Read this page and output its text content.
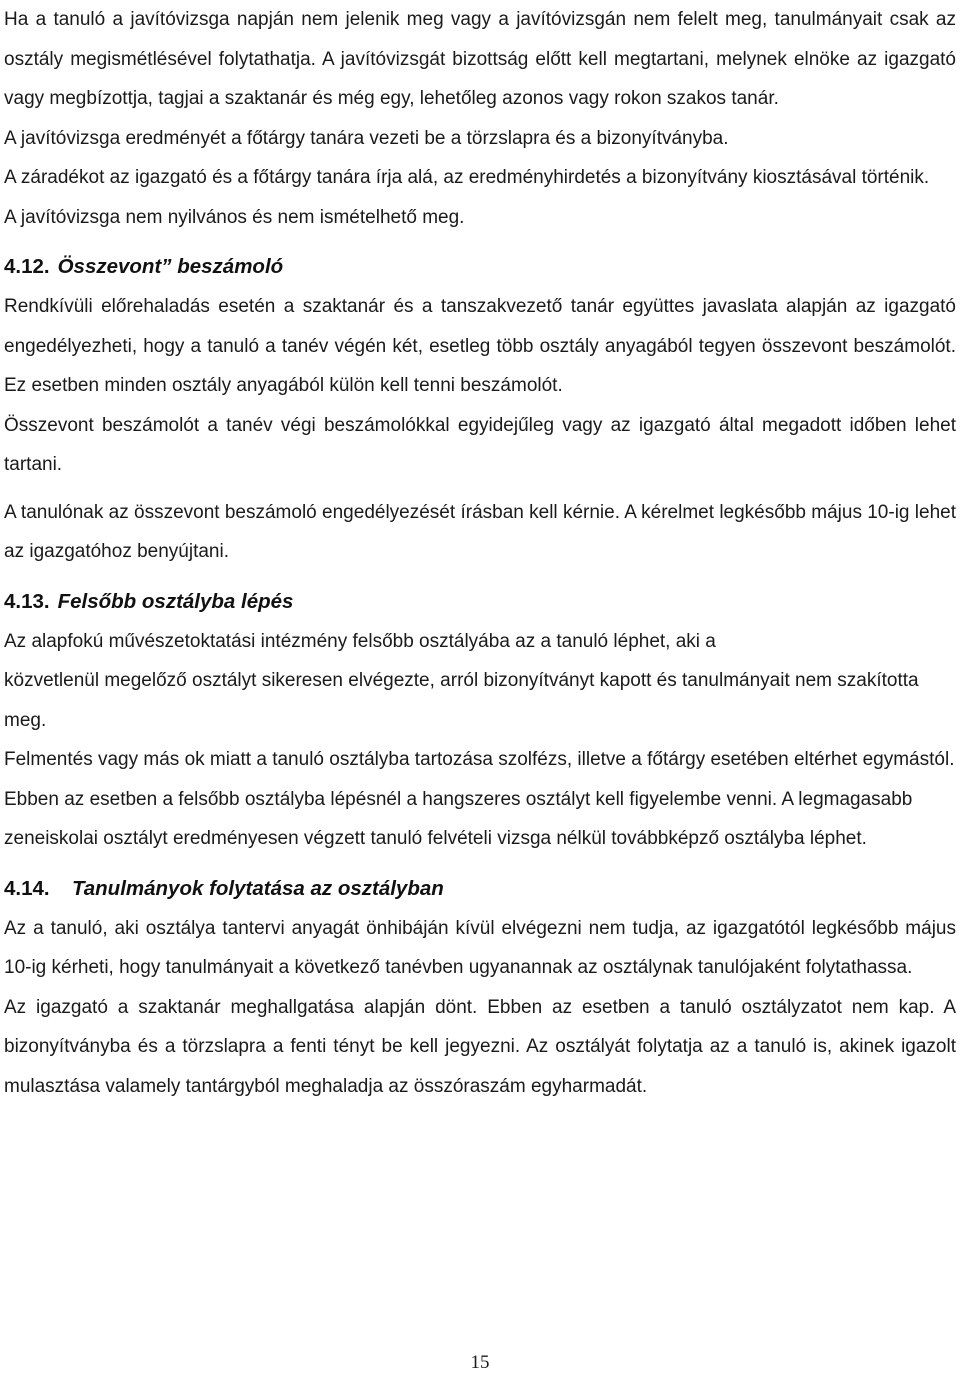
Ha a tanuló a javítóvizsga napján nem jelenik meg vagy a javítóvizsgán nem felelt meg, tanulmányait csak az osztály megismétlésével folytathatja. A javítóvizsgát bizottság előtt kell megtartani, melynek elnöke az igazgató vagy megbízottja, tagjai a szaktanár és még egy, lehetőleg azonos vagy rokon szakos tanár.

A javítóvizsga eredményét a főtárgy tanára vezeti be a törzslapra és a bizonyítványba.

A záradékot az igazgató és a főtárgy tanára írja alá, az eredményhirdetés a bizonyítvány kiosztásával történik.

A javítóvizsga nem nyilvános és nem ismételhető meg.

4.12. Összevont” beszámoló

Rendkívüli előrehaladás esetén a szaktanár és a tanszakvezető tanár együttes javaslata alapján az igazgató engedélyezheti, hogy a tanuló a tanév végén két, esetleg több osztály anyagából tegyen összevont beszámolót. Ez esetben minden osztály anyagából külön kell tenni beszámolót.

Összevont beszámolót a tanév végi beszámolókkal egyidejűleg vagy az igazgató által megadott időben lehet tartani.

A tanulónak az összevont beszámoló engedélyezését írásban kell kérnie. A kérelmet legkésőbb május 10-ig lehet az igazgatóhoz benyújtani.

4.13. Felsőbb osztályba lépés

Az alapfokú művészetoktatási intézmény felsőbb osztályába az a tanuló léphet, aki a

közvetlenül megelőző osztályt sikeresen elvégezte, arról bizonyítványt kapott és tanulmányait nem szakította meg.

Felmentés vagy más ok miatt a tanuló osztályba tartozása szolfézs, illetve a főtárgy esetében eltérhet egymástól. Ebben az esetben a felsőbb osztályba lépésnél a hangszeres osztályt kell figyelembe venni. A legmagasabb zeneiskolai osztályt eredményesen végzett tanuló felvételi vizsga nélkül továbbképző osztályba léphet.

4.14. Tanulmányok folytatása az osztályban

Az a tanuló, aki osztálya tantervi anyagát önhibáján kívül elvégezni nem tudja, az igazgatótól legkésőbb május 10-ig kérheti, hogy tanulmányait a következő tanévben ugyanannak az osztálynak tanulójaként folytathassa.

Az igazgató a szaktanár meghallgatása alapján dönt. Ebben az esetben a tanuló osztályzatot nem kap. A bizonyítványba és a törzslapra a fenti tényt be kell jegyezni. Az osztályát folytatja az a tanuló is, akinek igazolt mulasztása valamely tantárgyból meghaladja az összóraszám egyharmadát.

15
